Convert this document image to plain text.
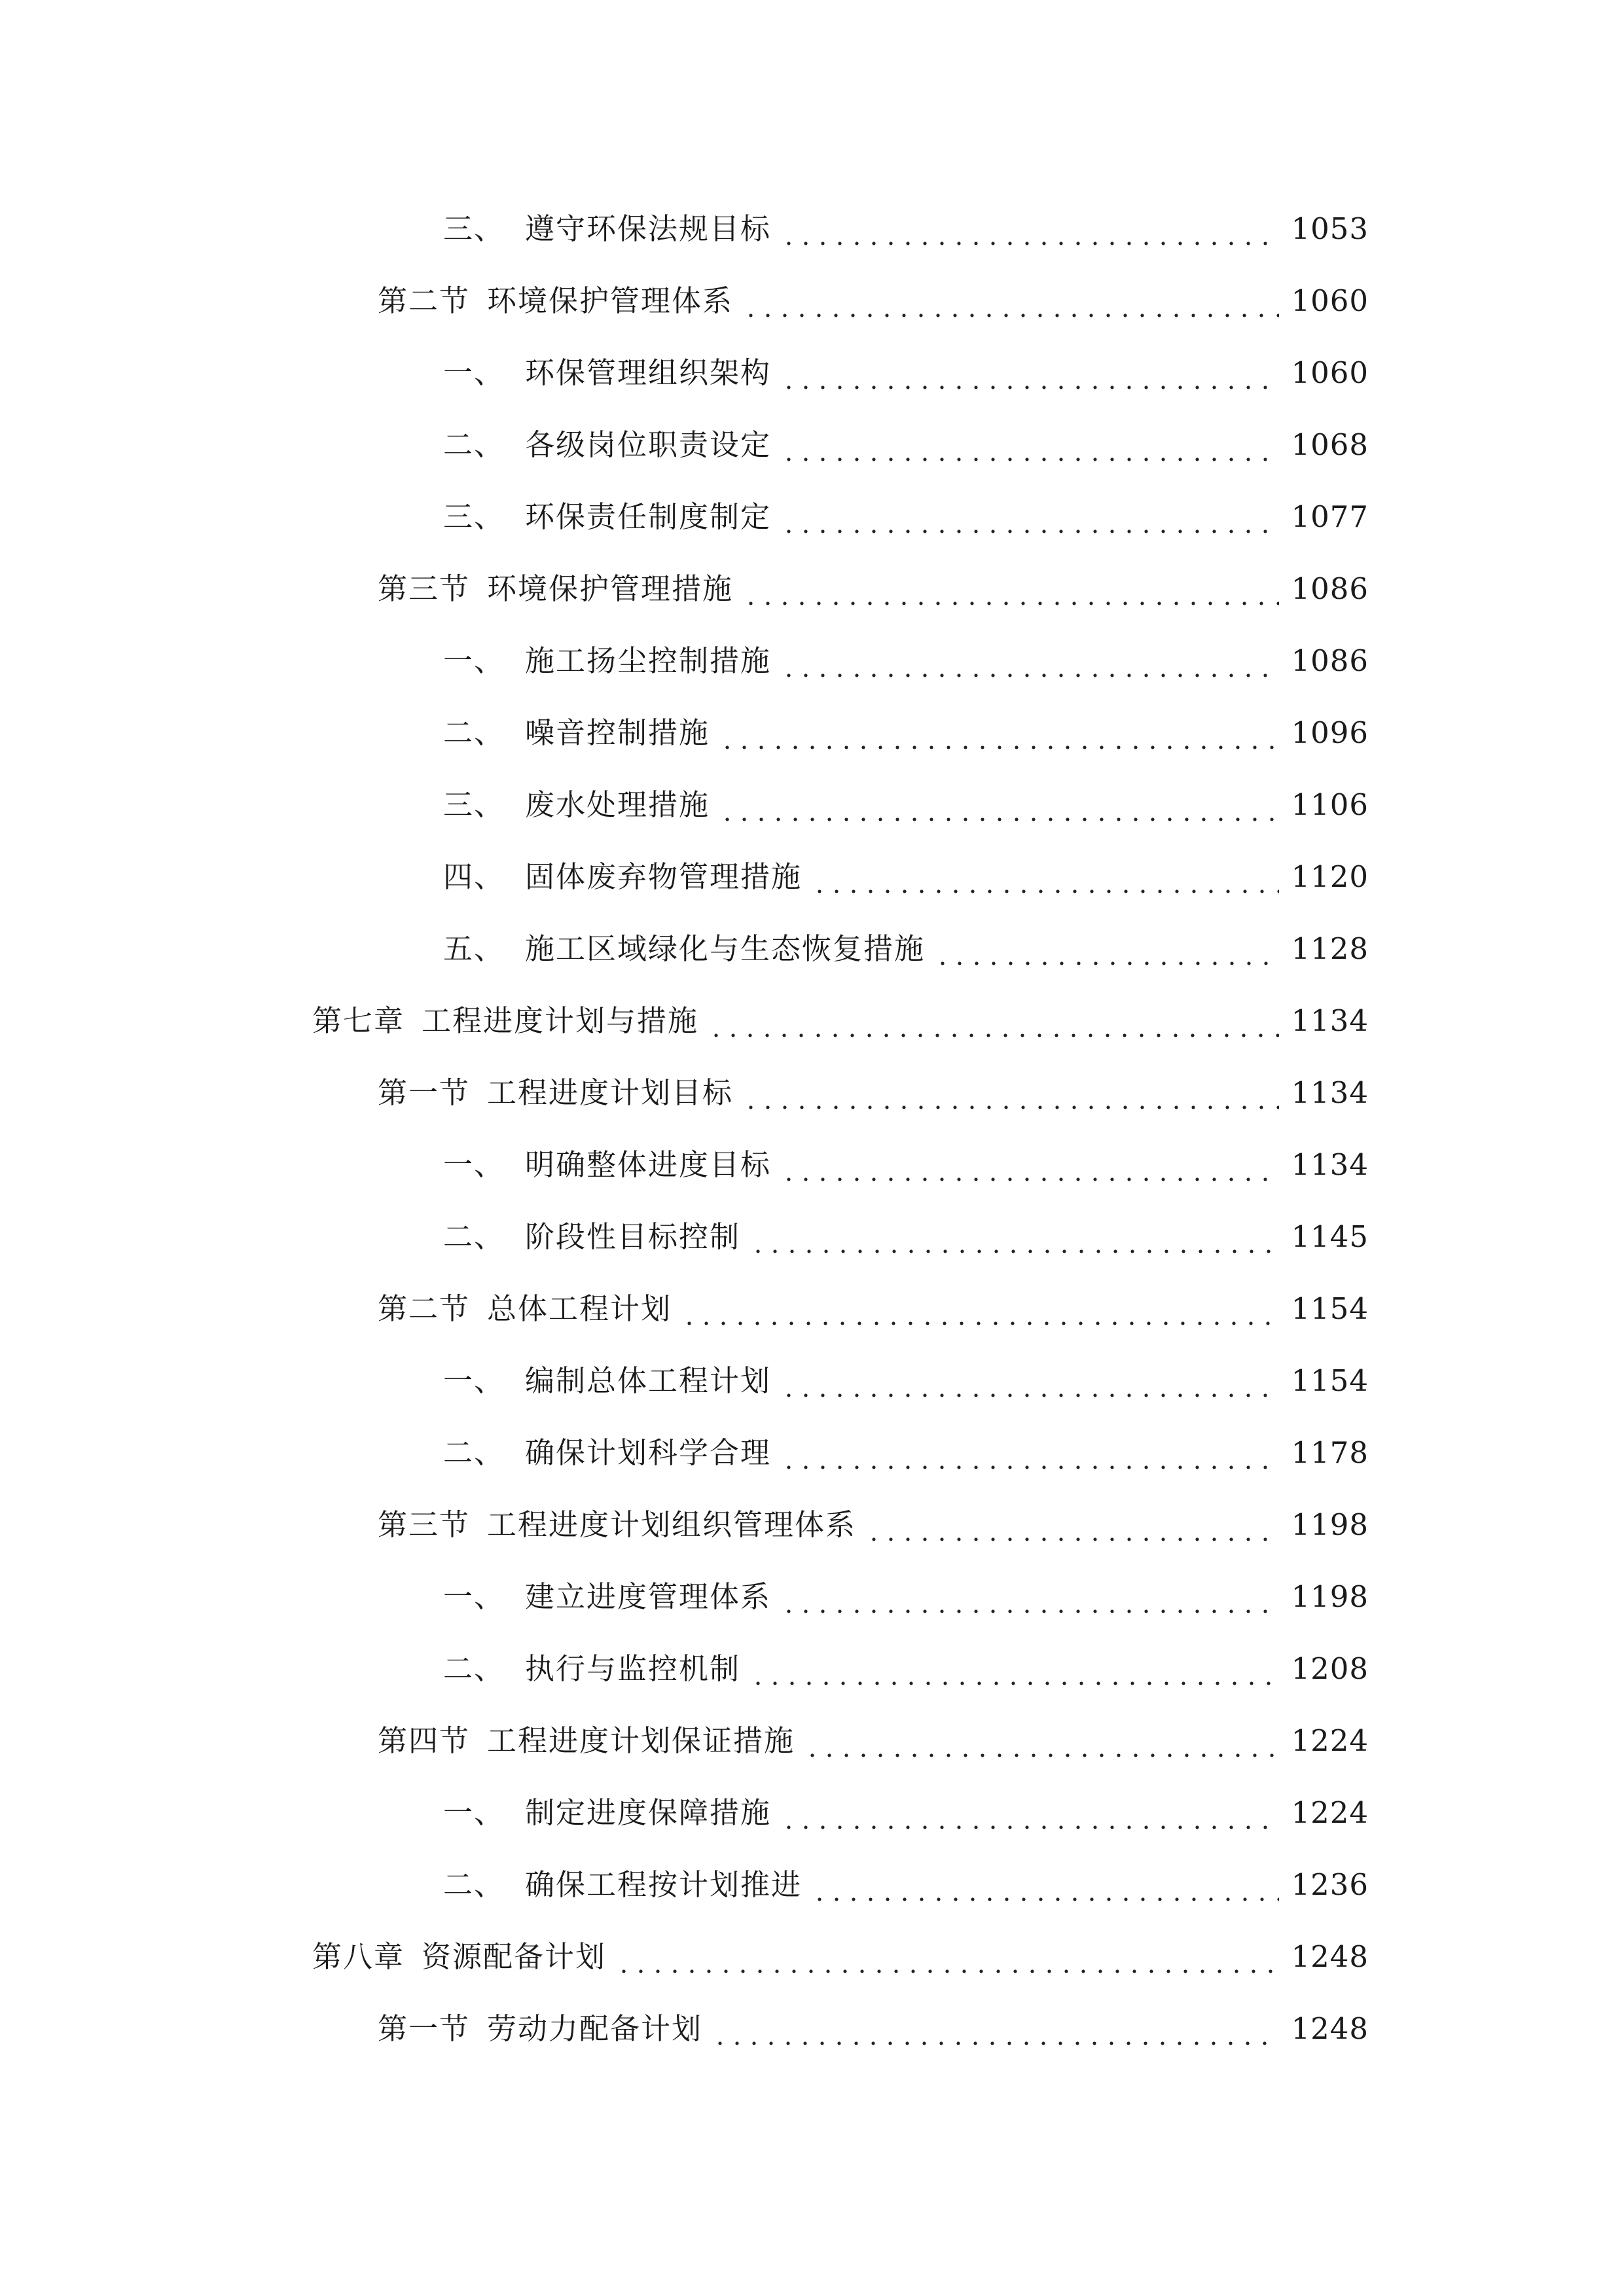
三、 遵守环保法规目标	1053
第二节 环境保护管理体系	1060
一、 环保管理组织架构	1060
二、 各级岗位职责设定	1068
三、 环保责任制度制定	1077
第三节 环境保护管理措施	1086
一、 施工扬尘控制措施	1086
二、 噪音控制措施	1096
三、 废水处理措施	1106
四、 固体废弃物管理措施	1120
五、 施工区域绿化与生态恢复措施	1128
第七章 工程进度计划与措施	1134
第一节 工程进度计划目标	1134
一、 明确整体进度目标	1134
二、 阶段性目标控制	1145
第二节 总体工程计划	1154
一、 编制总体工程计划	1154
二、 确保计划科学合理	1178
第三节 工程进度计划组织管理体系	1198
一、 建立进度管理体系	1198
二、 执行与监控机制	1208
第四节 工程进度计划保证措施	1224
一、 制定进度保障措施	1224
二、 确保工程按计划推进	1236
第八章 资源配备计划	1248
第一节 劳动力配备计划	1248
